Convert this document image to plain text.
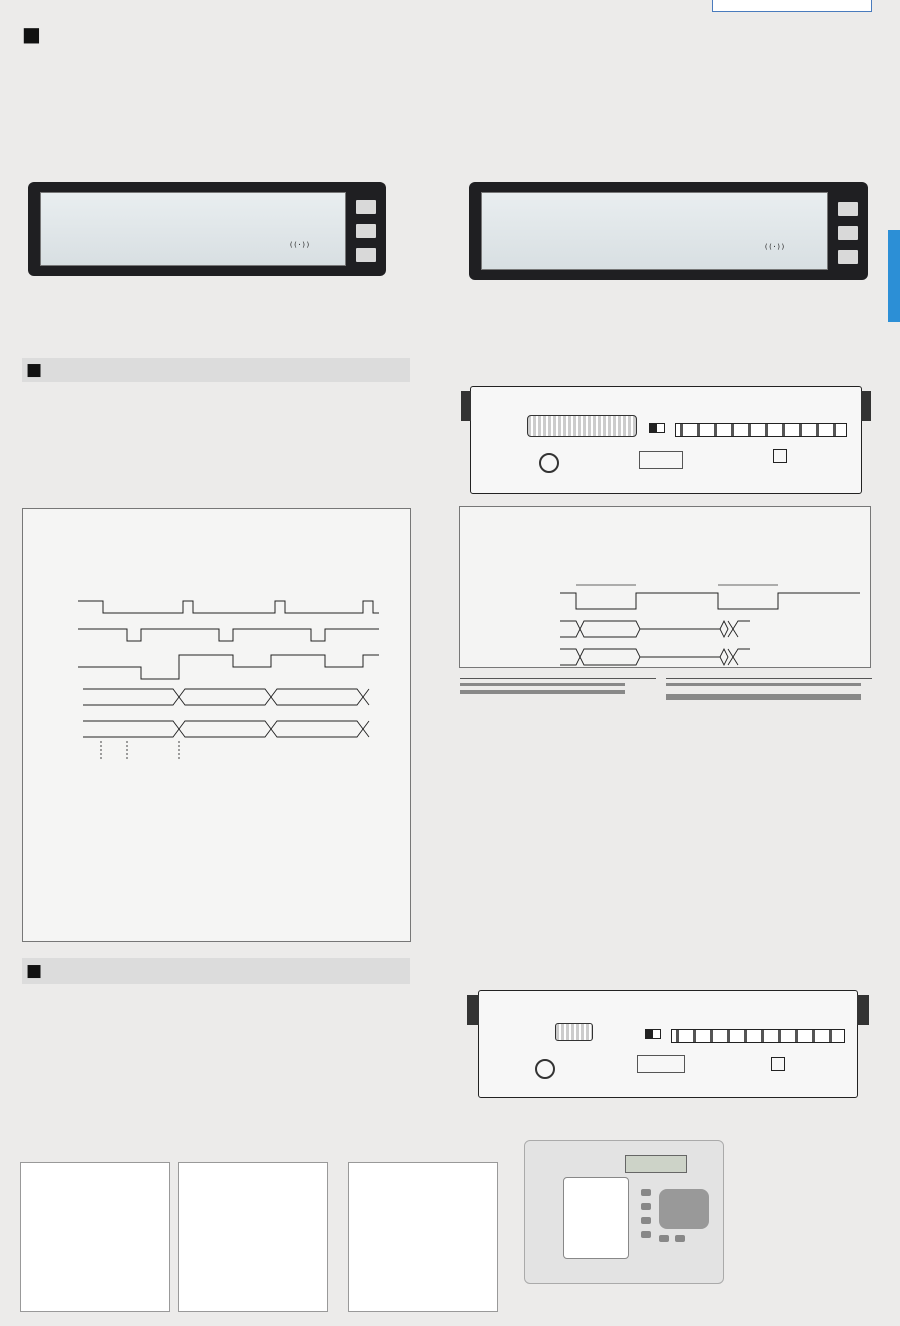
■
((·))	((·))
■
■
